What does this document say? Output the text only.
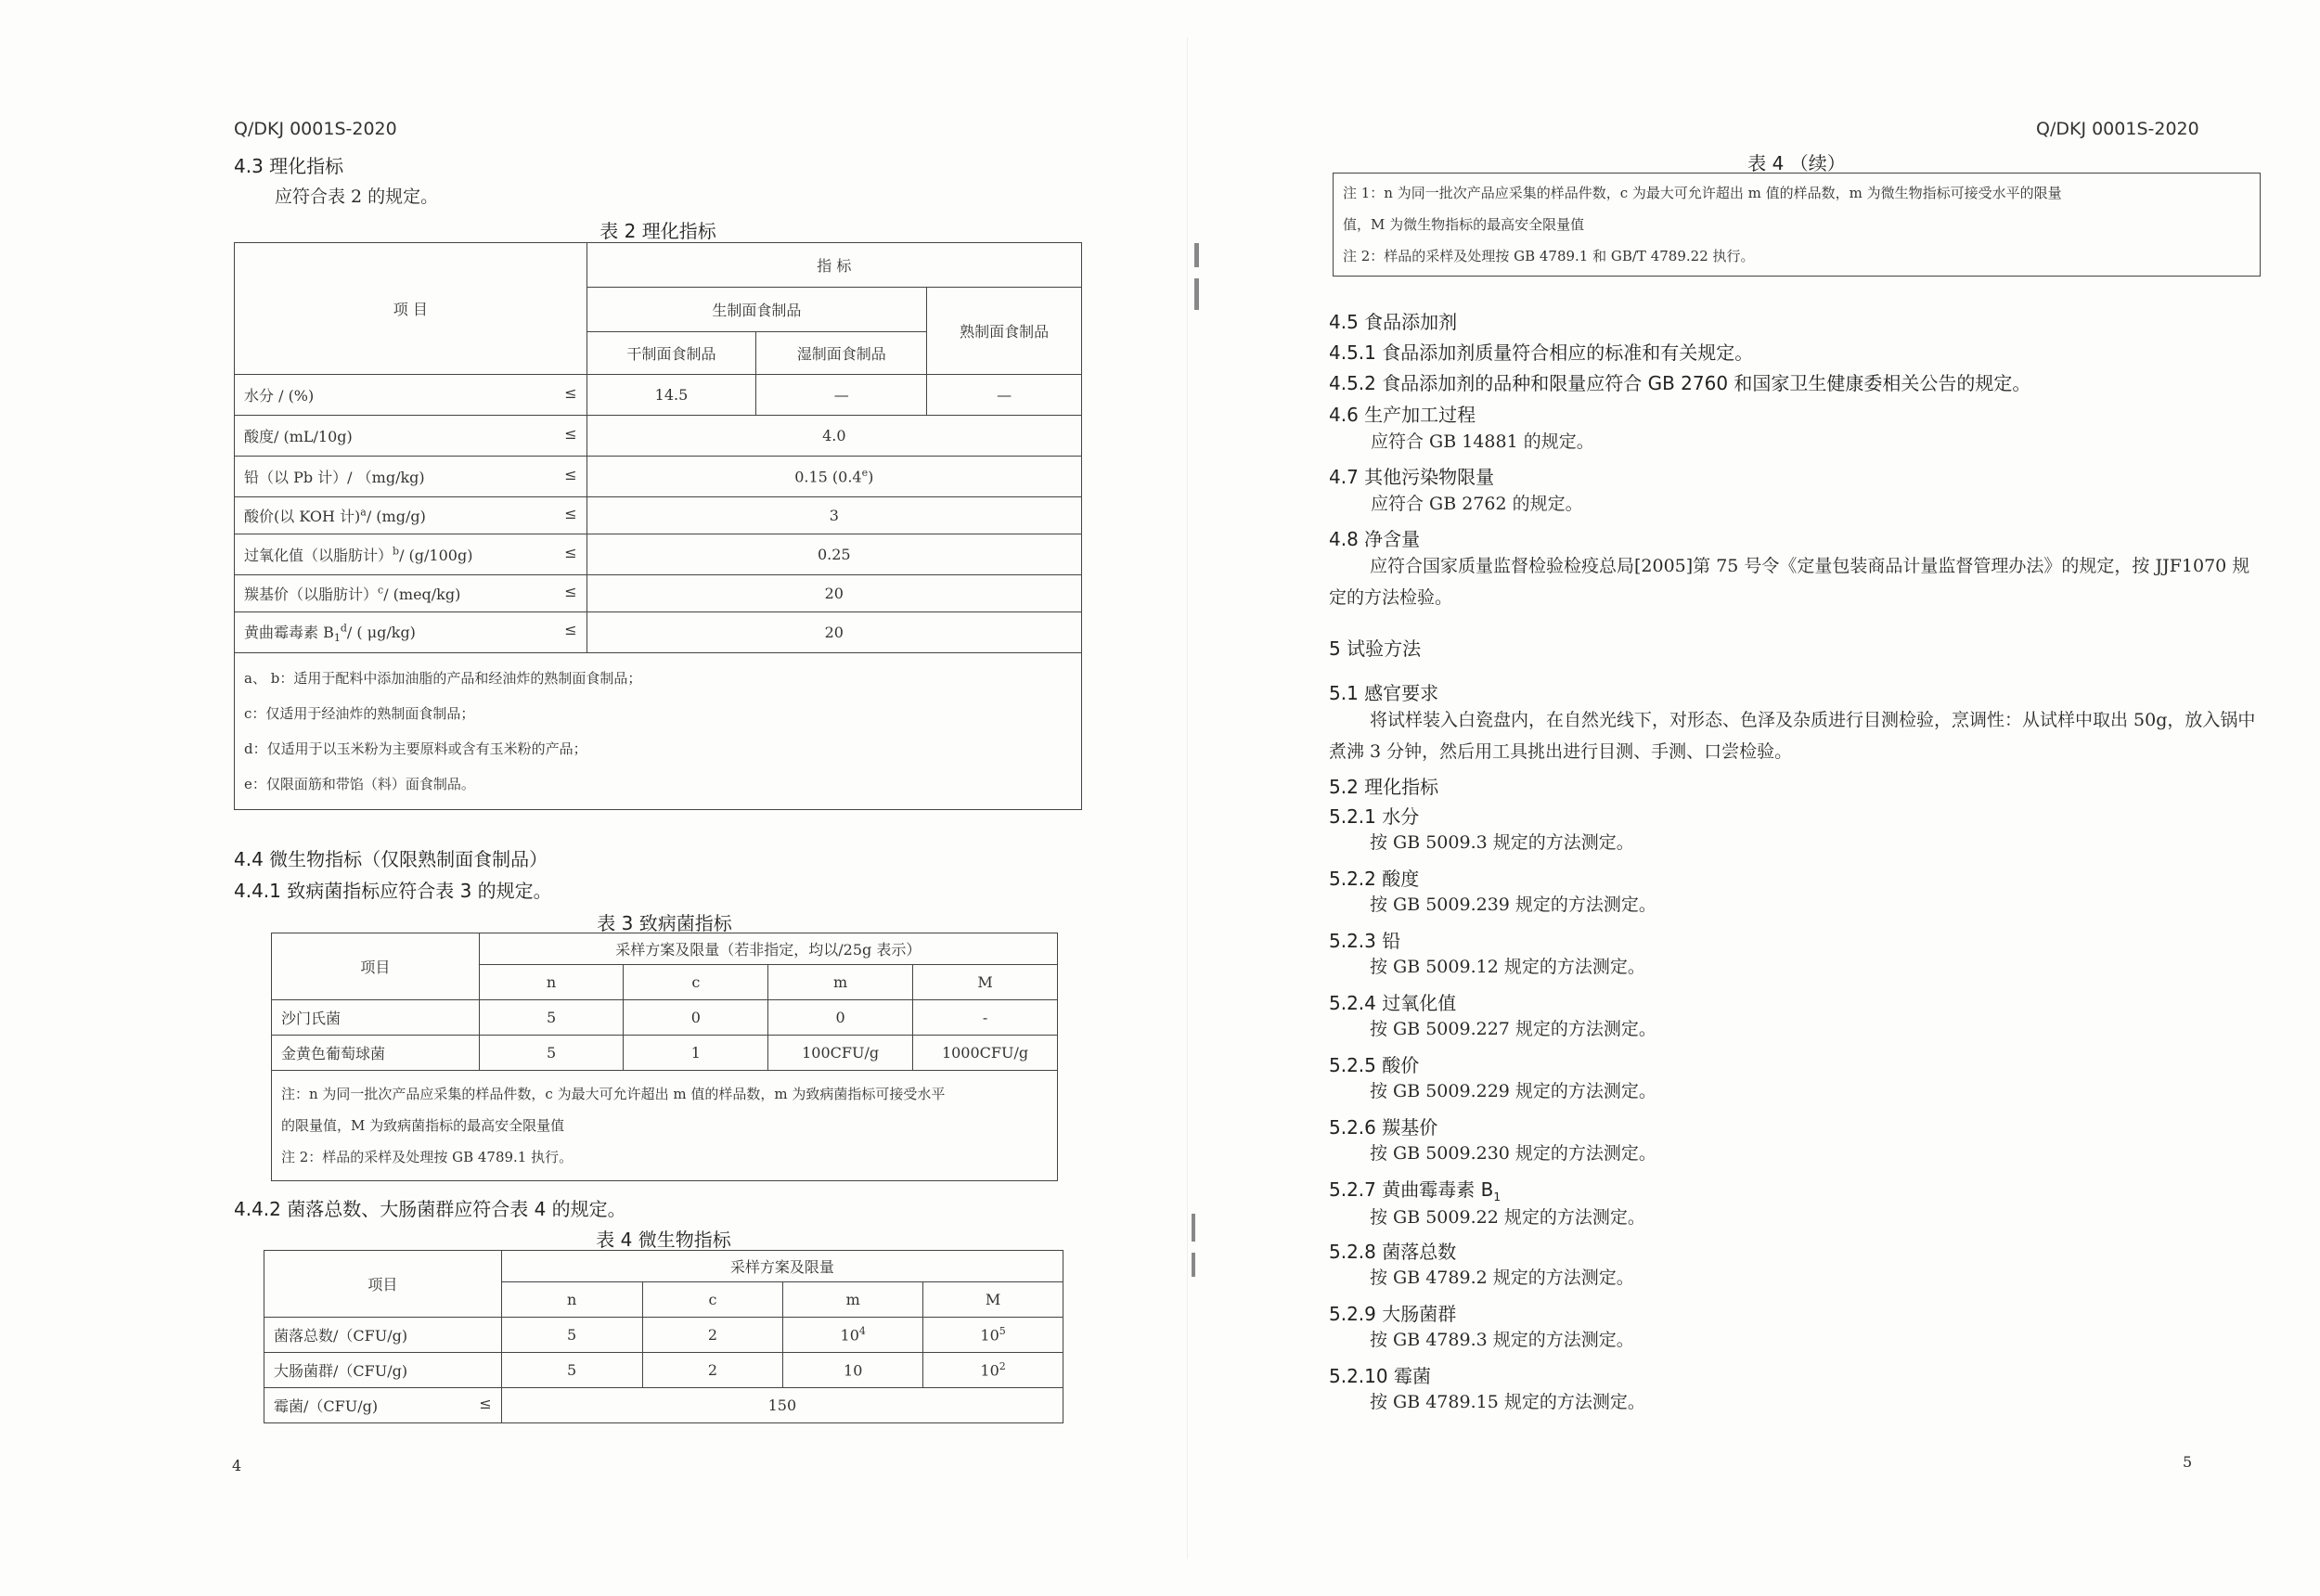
Q/DKJ 0001S-2020
4.3 理化指标
应符合表 2 的规定。
表 2 理化指标
项 目	指 标		
	生制面食制品		熟制面食制品
	干制面食制品	湿制面食制品	

水分 / (%) ≤	14.5	—	—

酸度/ (mL/10g) ≤	4.0		

铅（以 Pb 计）/ （mg/kg) ≤	0.15 (0.4e)		

酸价(以 KOH 计)$^a$/ (mg/g) ≤	3		

过氧化值（以脂肪计）$^b$/ (g/100g) ≤	0.25		

羰基价（以脂肪计）$^c$/ (meq/kg) ≤	20		

黄曲霉毒素 $B_1^d/$ ( μg/kg) ≤	20		

a、 b：适用于配料中添加油脂的产品和经油炸的熟制面食制品；
c：仅适用于经油炸的熟制面食制品；
d：仅适用于以玉米粉为主要原料或含有玉米粉的产品；
e：仅限面筋和带馅（料）面食制品。			
4.4 微生物指标（仅限熟制面食制品）
4.4.1 致病菌指标应符合表 3 的规定。
表 3 致病菌指标
项目	采样方案及限量（若非指定，均以/25g 表示）			
	n	c	m	M
沙门氏菌	5	0	0	-
金黄色葡萄球菌	5	1	100CFU/g	1000CFU/g

注：n 为同一批次产品应采集的样品件数，c 为最大可允许超出 m 值的样品数，m 为致病菌指标可接受水平
的限量值，M 为致病菌指标的最高安全限量值
注 2：样品的采样及处理按 GB 4789.1 执行。				
4.4.2 菌落总数、大肠菌群应符合表 4 的规定。
表 4 微生物指标
项目	采样方案及限量			
	n	c	m	M
菌落总数/（CFU/g)	5	2	$10^4$	$10^5$
大肠菌群/（CFU/g)	5	2	10	$10^2$

霉菌/（CFU/g) ≤	150			
4
Q/DKJ 0001S-2020
表 4 （续）
注 1：n 为同一批次产品应采集的样品件数，c 为最大可允许超出 m 值的样品数，m 为微生物指标可接受水平的限量
值，M 为微生物指标的最高安全限量值
注 2：样品的采样及处理按 GB 4789.1 和 GB/T 4789.22 执行。
4.5 食品添加剂
4.5.1 食品添加剂质量符合相应的标准和有关规定。
4.5.2 食品添加剂的品种和限量应符合 GB 2760 和国家卫生健康委相关公告的规定。
4.6 生产加工过程
应符合 GB 14881 的规定。
4.7 其他污染物限量
应符合 GB 2762 的规定。
4.8 净含量
应符合国家质量监督检验检疫总局[2005]第 75 号令《定量包装商品计量监督管理办法》的规定，按 JJF1070 规定的方法检验。
5 试验方法
5.1 感官要求
将试样装入白瓷盘内，在自然光线下，对形态、色泽及杂质进行目测检验，烹调性：从试样中取出 50g，放入锅中煮沸 3 分钟，然后用工具挑出进行目测、手测、口尝检验。
5.2 理化指标
5.2.1 水分
按 GB 5009.3 规定的方法测定。
5.2.2 酸度
按 GB 5009.239 规定的方法测定。
5.2.3 铅
按 GB 5009.12 规定的方法测定。
5.2.4 过氧化值
按 GB 5009.227 规定的方法测定。
5.2.5 酸价
按 GB 5009.229 规定的方法测定。
5.2.6 羰基价
按 GB 5009.230 规定的方法测定。
5.2.7 黄曲霉毒素 $B_1$
按 GB 5009.22 规定的方法测定。
5.2.8 菌落总数
按 GB 4789.2 规定的方法测定。
5.2.9 大肠菌群
按 GB 4789.3 规定的方法测定。
5.2.10 霉菌
按 GB 4789.15 规定的方法测定。
5
